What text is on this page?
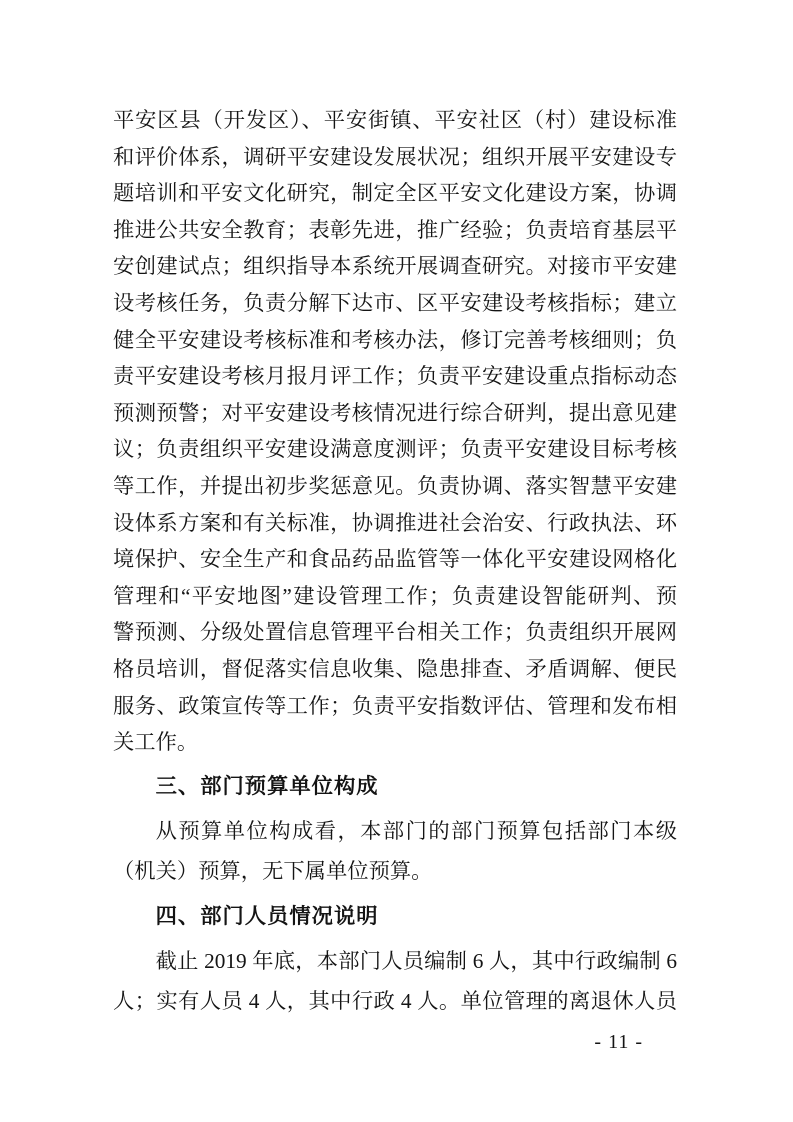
平安区县（开发区）、平安街镇、平安社区（村）建设标准
和评价体系，调研平安建设发展状况；组织开展平安建设专
题培训和平安文化研究，制定全区平安文化建设方案，协调
推进公共安全教育；表彰先进，推广经验；负责培育基层平
安创建试点；组织指导本系统开展调查研究。对接市平安建
设考核任务，负责分解下达市、区平安建设考核指标；建立
健全平安建设考核标准和考核办法，修订完善考核细则；负
责平安建设考核月报月评工作；负责平安建设重点指标动态
预测预警；对平安建设考核情况进行综合研判，提出意见建
议；负责组织平安建设满意度测评；负责平安建设目标考核
等工作，并提出初步奖惩意见。负责协调、落实智慧平安建
设体系方案和有关标准，协调推进社会治安、行政执法、环
境保护、安全生产和食品药品监管等一体化平安建设网格化
管理和“平安地图”建设管理工作；负责建设智能研判、预
警预测、分级处置信息管理平台相关工作；负责组织开展网
格员培训，督促落实信息收集、隐患排查、矛盾调解、便民
服务、政策宣传等工作；负责平安指数评估、管理和发布相
关工作。
三、部门预算单位构成
从预算单位构成看，本部门的部门预算包括部门本级
（机关）预算，无下属单位预算。
四、部门人员情况说明
截止 2019 年底，本部门人员编制 6 人，其中行政编制 6
人；实有人员 4 人，其中行政 4 人。单位管理的离退休人员
- 11 -
